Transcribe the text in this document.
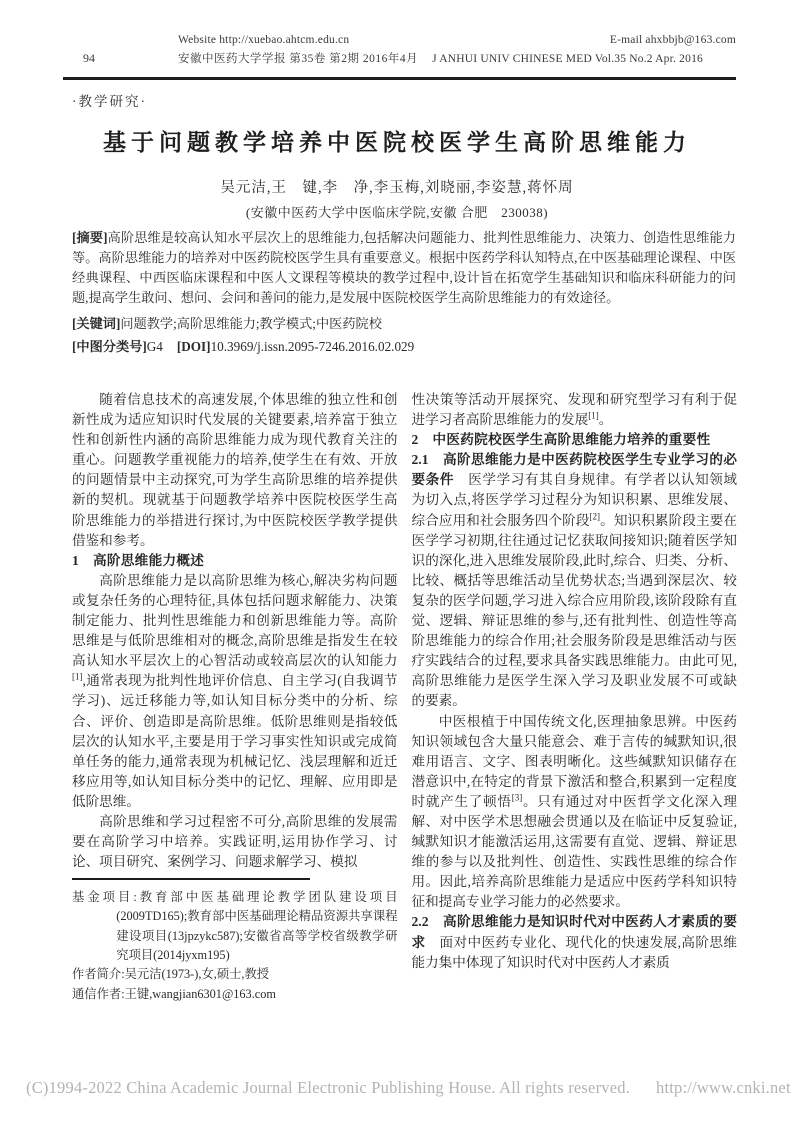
Website http://xuebao.ahtcm.edu.cn	E-mail ahxbbjb@163.com
94	安徽中医药大学学报 第35卷 第2期 2016年4月 J ANHUI UNIV CHINESE MED Vol.35 No.2 Apr. 2016
·教学研究·
基于问题教学培养中医院校医学生高阶思维能力
吴元洁,王　键,李　净,李玉梅,刘晓丽,李姿慧,蒋怀周
(安徽中医药大学中医临床学院,安徽 合肥　230038)

[摘要]高阶思维是较高认知水平层次上的思维能力,包括解决问题能力、批判性思维能力、决策力、创造性思维能力等。高阶思维能力的培养对中医药院校医学生具有重要意义。根据中医药学科认知特点,在中医基础理论课程、中医经典课程、中西医临床课程和中医人文课程等模块的教学过程中,设计旨在拓宽学生基础知识和临床科研能力的问题,提高学生敢问、想问、会问和善问的能力,是发展中医院校医学生高阶思维能力的有效途径。

[关键词]问题教学;高阶思维能力;教学模式;中医药院校

[中图分类号]G4 [DOI]10.3969/j.issn.2095-7246.2016.02.029

随着信息技术的高速发展,个体思维的独立性和创新性成为适应知识时代发展的关键要素,培养富于独立性和创新性内涵的高阶思维能力成为现代教育关注的重心。问题教学重视能力的培养,使学生在有效、开放的问题情景中主动探究,可为学生高阶思维的培养提供新的契机。现就基于问题教学培养中医院校医学生高阶思维能力的举措进行探讨,为中医院校医学教学提供借鉴和参考。

1　高阶思维能力概述

高阶思维能力是以高阶思维为核心,解决劣构问题或复杂任务的心理特征,具体包括问题求解能力、决策制定能力、批判性思维能力和创新思维能力等。高阶思维是与低阶思维相对的概念,高阶思维是指发生在较高认知水平层次上的心智活动或较高层次的认知能力[1],通常表现为批判性地评价信息、自主学习(自我调节学习)、远迁移能力等,如认知目标分类中的分析、综合、评价、创造即是高阶思维。低阶思维则是指较低层次的认知水平,主要是用于学习事实性知识或完成简单任务的能力,通常表现为机械记忆、浅层理解和近迁移应用等,如认知目标分类中的记忆、理解、应用即是低阶思维。

高阶思维和学习过程密不可分,高阶思维的发展需要在高阶学习中培养。实践证明,运用协作学习、讨论、项目研究、案例学习、问题求解学习、模拟

基金项目:教育部中医基础理论教学团队建设项目(2009TD165);教育部中医基础理论精品资源共享课程建设项目(13jpzykc587);安徽省高等学校省级教学研究项目(2014jyxm195)

作者简介:吴元洁(1973-),女,硕士,教授

通信作者:王键,wangjian6301@163.com

性决策等活动开展探究、发现和研究型学习有利于促进学习者高阶思维能力的发展[1]。

2　中医药院校医学生高阶思维能力培养的重要性

2.1　高阶思维能力是中医药院校医学生专业学习的必要条件　医学学习有其自身规律。有学者以认知领域为切入点,将医学学习过程分为知识积累、思维发展、综合应用和社会服务四个阶段[2]。知识积累阶段主要在医学学习初期,往往通过记忆获取间接知识;随着医学知识的深化,进入思维发展阶段,此时,综合、归类、分析、比较、概括等思维活动呈优势状态;当遇到深层次、较复杂的医学问题,学习进入综合应用阶段,该阶段除有直觉、逻辑、辩证思维的参与,还有批判性、创造性等高阶思维能力的综合作用;社会服务阶段是思维活动与医疗实践结合的过程,要求具备实践思维能力。由此可见,高阶思维能力是医学生深入学习及职业发展不可或缺的要素。

中医根植于中国传统文化,医理抽象思辨。中医药知识领域包含大量只能意会、难于言传的缄默知识,很难用语言、文字、图表明晰化。这些缄默知识储存在潜意识中,在特定的背景下激活和整合,积累到一定程度时就产生了顿悟[3]。只有通过对中医哲学文化深入理解、对中医学术思想融会贯通以及在临证中反复验证,缄默知识才能激活运用,这需要有直觉、逻辑、辩证思维的参与以及批判性、创造性、实践性思维的综合作用。因此,培养高阶思维能力是适应中医药学科知识特征和提高专业学习能力的必然要求。

2.2　高阶思维能力是知识时代对中医药人才素质的要求　面对中医药专业化、现代化的快速发展,高阶思维能力集中体现了知识时代对中医药人才素质

(C)1994-2022 China Academic Journal Electronic Publishing House. All rights reserved. http://www.cnki.net
